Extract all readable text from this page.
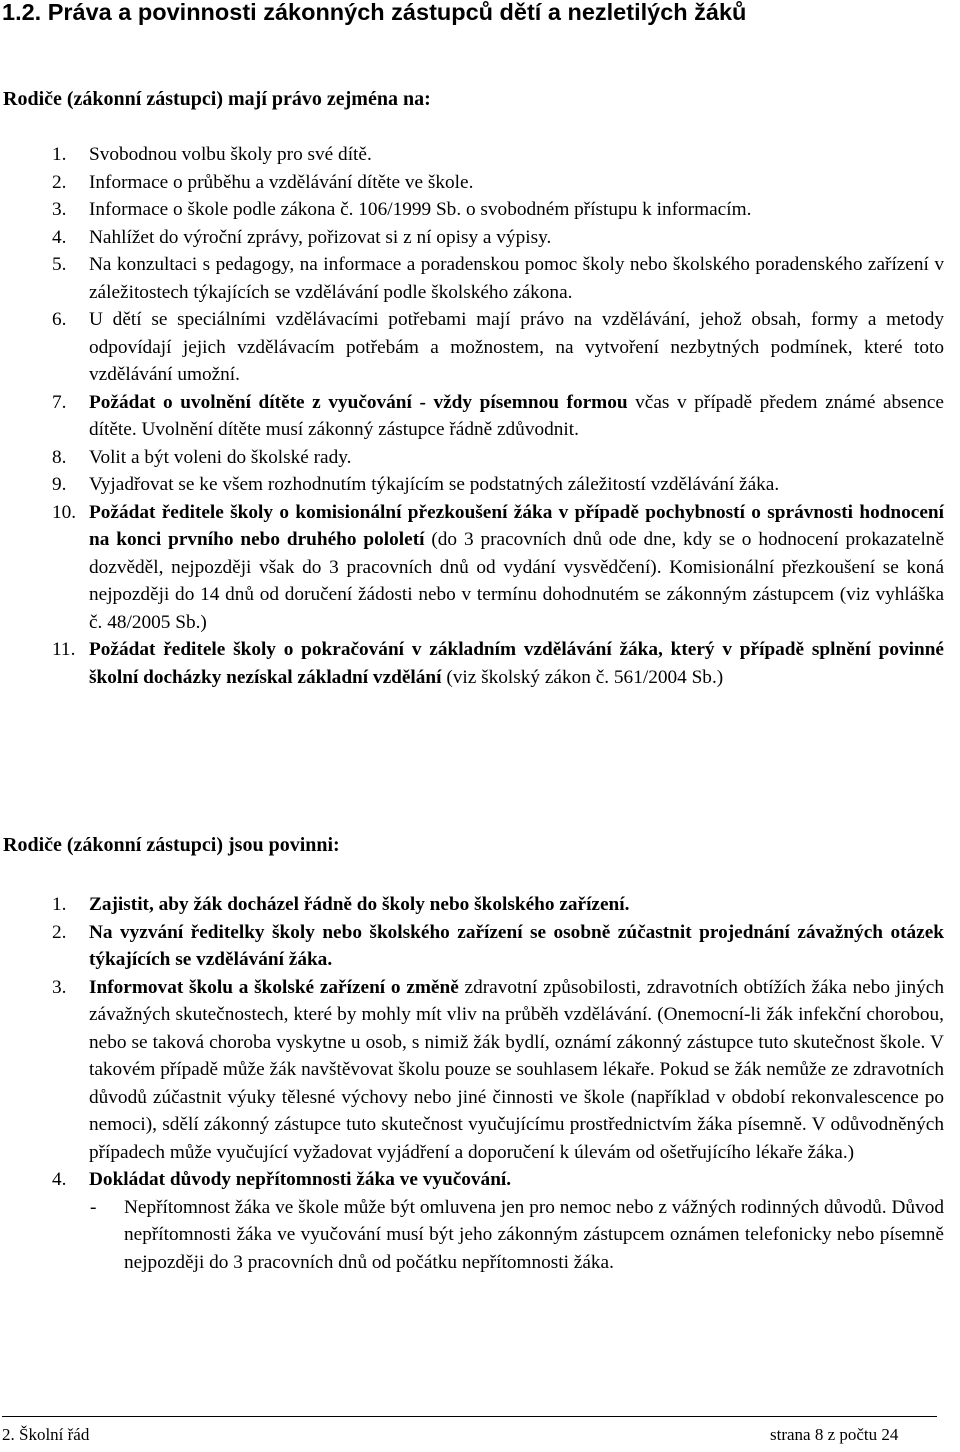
1.2. Práva a povinnosti zákonných zástupců dětí a nezletilých žáků
Rodiče (zákonní zástupci) mají právo zejména na:
1. Svobodnou volbu školy pro své dítě.
2. Informace o průběhu a vzdělávání dítěte ve škole.
3. Informace o škole podle zákona č. 106/1999 Sb. o svobodném přístupu k informacím.
4. Nahlížet do výroční zprávy, pořizovat si z ní opisy a výpisy.
5. Na konzultaci s pedagogy, na informace a poradenskou pomoc školy nebo školského poradenského zařízení v záležitostech týkajících se vzdělávání podle školského zákona.
6. U dětí se speciálními vzdělávacími potřebami mají právo na vzdělávání, jehož obsah, formy a metody odpovídají jejich vzdělávacím potřebám a možnostem, na vytvoření nezbytných podmínek, které toto vzdělávání umožní.
7. Požádat o uvolnění dítěte z vyučování - vždy písemnou formou včas v případě předem známé absence dítěte. Uvolnění dítěte musí zákonný zástupce řádně zdůvodnit.
8. Volit a být voleni do školské rady.
9. Vyjadřovat se ke všem rozhodnutím týkajícím se podstatných záležitostí vzdělávání žáka.
10. Požádat ředitele školy o komisionální přezkoušení žáka v případě pochybností o správnosti hodnocení na konci prvního nebo druhého pololetí (do 3 pracovních dnů ode dne, kdy se o hodnocení prokazatelně dozvěděl, nejpozději však do 3 pracovních dnů od vydání vysvědčení). Komisionální přezkoušení se koná nejpozději do 14 dnů od doručení žádosti nebo v termínu dohodnutém se zákonným zástupcem (viz vyhláška č. 48/2005 Sb.)
11. Požádat ředitele školy o pokračování v základním vzdělávání žáka, který v případě splnění povinné školní docházky nezískal základní vzdělání (viz školský zákon č. 561/2004 Sb.)
Rodiče (zákonní zástupci) jsou povinni:
1. Zajistit, aby žák docházel řádně do školy nebo školského zařízení.
2. Na vyzvání ředitelky školy nebo školského zařízení se osobně zúčastnit projednání závažných otázek týkajících se vzdělávání žáka.
3. Informovat školu a školské zařízení o změně zdravotní způsobilosti, zdravotních obtížích žáka nebo jiných závažných skutečnostech, které by mohly mít vliv na průběh vzdělávání. (Onemocní-li žák infekční chorobou, nebo se taková choroba vyskytne u osob, s nimiž žák bydlí, oznámí zákonný zástupce tuto skutečnost škole. V takovém případě může žák navštěvovat školu pouze se souhlasem lékaře. Pokud se žák nemůže ze zdravotních důvodů zúčastnit výuky tělesné výchovy nebo jiné činnosti ve škole (například v období rekonvalescence po nemoci), sdělí zákonný zástupce tuto skutečnost vyučujícímu prostřednictvím žáka písemně. V odůvodněných případech může vyučující vyžadovat vyjádření a doporučení k úlevám od ošetřujícího lékaře žáka.)
4. Dokládat důvody nepřítomnosti žáka ve vyučování.
- Nepřítomnost žáka ve škole může být omluvena jen pro nemoc nebo z vážných rodinných důvodů. Důvod nepřítomnosti žáka ve vyučování musí být jeho zákonným zástupcem oznámen telefonicky nebo písemně nejpozději do 3 pracovních dnů od počátku nepřítomnosti žáka.
2. Školní řád	strana 8 z počtu 24
